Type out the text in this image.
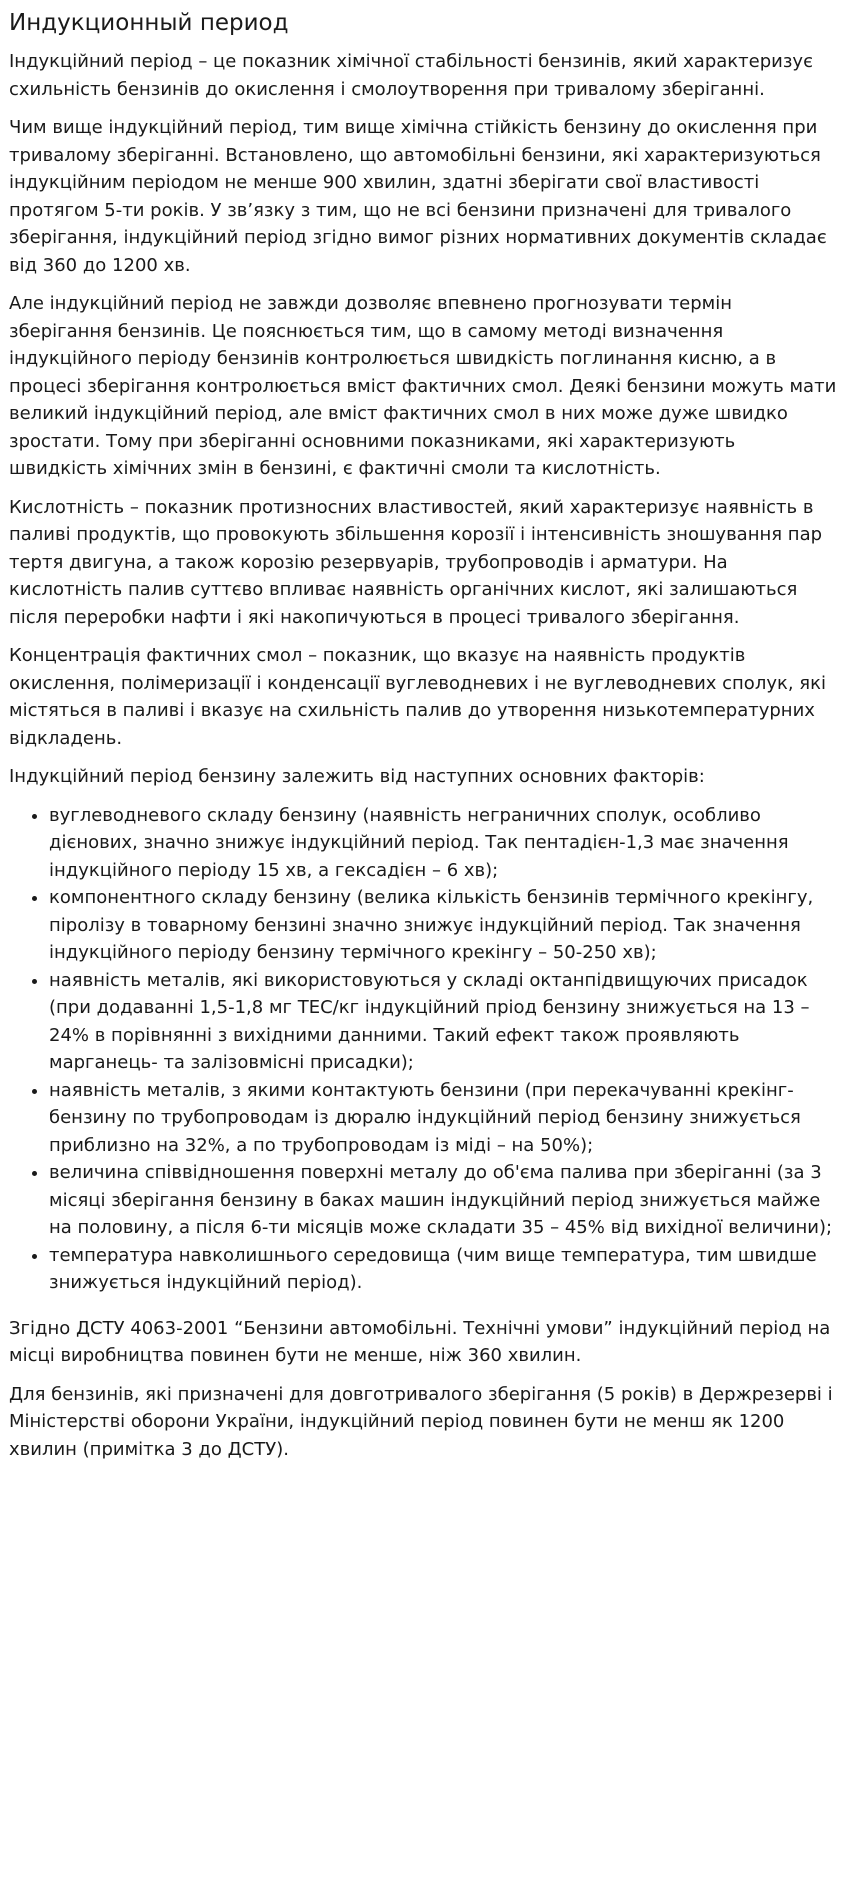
Индукционный период

Індукційний період – це показник хімічної стабільності бензинів, який характеризує схильність бензинів до окислення і смолоутворення при тривалому зберіганні.

Чим вище індукційний період, тим вище хімічна стійкість бензину до окислення при тривалому зберіганні. Встановлено, що автомобільні бензини, які характеризуються індукційним періодом не менше 900 хвилин, здатні зберігати свої властивості протягом 5-ти років. У зв’язку з тим, що не всі бензини призначені для тривалого зберігання, індукційний період згідно вимог різних нормативних документів складає від 360 до 1200 хв.

Але індукційний період не завжди дозволяє впевнено прогнозувати термін зберігання бензинів. Це пояснюється тим, що в самому методі визначення індукційного періоду бензинів контролюється швидкість поглинання кисню, а в процесі зберігання контролюється вміст фактичних смол. Деякі бензини можуть мати великий індукційний період, але вміст фактичних смол в них може дуже швидко зростати. Тому при зберіганні основними показниками, які характеризують швидкість хімічних змін в бензині, є фактичні смоли та кислотність.

Кислотність – показник протизносних властивостей, який характеризує наявність в паливі продуктів, що провокують збільшення корозії і інтенсивність зношування пар тертя двигуна, а також корозію резервуарів, трубопроводів і арматури. На кислотність палив суттєво впливає наявність органічних кислот, які залишаються після переробки нафти і які накопичуються в процесі тривалого зберігання.

Концентрація фактичних смол – показник, що вказує на наявність продуктів окислення, полімеризації і конденсації вуглеводневих і не вуглеводневих сполук, які містяться в паливі і вказує на схильність палив до утворення низькотемпературних відкладень.

Індукційний період бензину залежить від наступних основних факторів:

• вуглеводневого складу бензину (наявність неграничних сполук, особливо дієнових, значно знижує індукційний період. Так пентадієн-1,3 має значення індукційного періоду 15 хв, а гексадієн – 6 хв);
• компонентного складу бензину (велика кількість бензинів термічного крекінгу, піролізу в товарному бензині значно знижує індукційний період. Так значення індукційного періоду бензину термічного крекінгу – 50-250 хв);
• наявність металів, які використовуються у складі октанпідвищуючих присадок (при додаванні 1,5-1,8 мг ТЕС/кг індукційний пріод бензину знижується на 13 – 24% в порівнянні з вихідними данними. Такий ефект також проявляють марганець- та залізовмісні присадки);
• наявність металів, з якими контактують бензини (при перекачуванні крекінг-бензину по трубопроводам із дюралю індукційний період бензину знижується приблизно на 32%, а по трубопроводам із міді – на 50%);
• величина співвідношення поверхні металу до об'єма палива при зберіганні (за 3 місяці зберігання бензину в баках машин індукційний період знижується майже на половину, а після 6-ти місяців може складати 35 – 45% від вихідної величини);
• температура навколишнього середовища (чим вище температура, тим швидше знижується індукційний період).

Згідно ДСТУ 4063-2001 “Бензини автомобільні. Технічні умови” індукційний період на місці виробництва повинен бути не менше, ніж 360 хвилин.

Для бензинів, які призначені для довготривалого зберігання (5 років) в Держрезерві і Міністерстві оборони України, індукційний період повинен бути не менш як 1200 хвилин (примітка 3 до ДСТУ).
